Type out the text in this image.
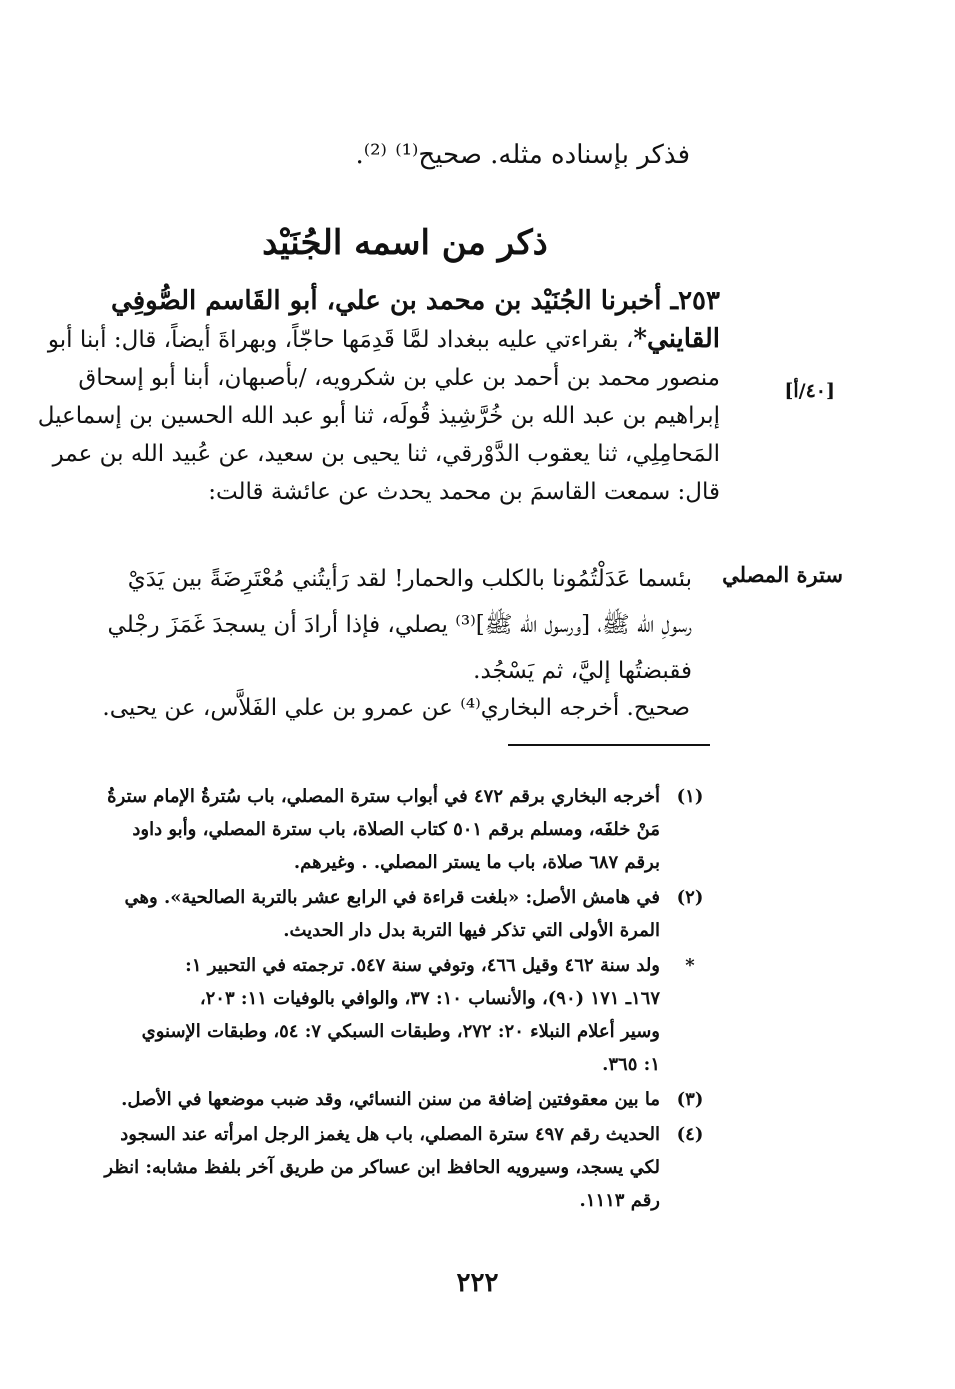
فذكر بإسناده مثله. صحيح⁽¹⁾ ⁽²⁾.
ذكر من اسمه الجُنَيْد
٢٥٣ـ أخبرنا الجُنَيْد بن محمد بن علي، أبو القَاسم الصُّوفِي
القايني*، بقراءتي عليه ببغداد لمَّا قَدِمَها حاجّاً، وبهراةَ أيضاً، قال: أبنا أبو
منصور محمد بن أحمد بن علي بن شكرويه، /بأصبهان، أبنا أبو إسحاق
إبراهيم بن عبد الله بن خُرَّشِيذ قُولَه، ثنا أبو عبد الله الحسين بن إسماعيل
المَحامِلِي، ثنا يعقوب الدَّوْرقي، ثنا يحيى بن سعيد، عن عُبيد الله بن عمر
قال: سمعت القاسمَ بن محمد يحدث عن عائشة قالت:
بئسما عَدَلْتُمُونا بالكلب والحمار! لقد رَأيتُني مُعْتَرِضَةً بين يَدَيْ
رسولِ الله ﷺ، [ورسول الله ﷺ]⁽³⁾ يصلي، فإذا أرادَ أن يسجدَ غَمَزَ رجْلي
فقبضتُها إليَّ، ثم يَسْجُد.
صحيح. أخرجه البخاري⁽⁴⁾ عن عمرو بن علي الفَلاَّس، عن يحيى.
[٤٠/أ]
سترة المصلي
(١)
أخرجه البخاري برقم ٤٧٢ في أبواب سترة المصلي، باب سُترةُ الإمام سترةُ
مَنْ خلفَه، ومسلم برقم ٥٠١ كتاب الصلاة، باب سترة المصلي، وأبو داود
برقم ٦٨٧ صلاة، باب ما يستر المصلي. . وغيرهم.
(٢)
في هامش الأصل: «بلغت قراءة في الرابع عشر بالتربة الصالحية». وهي
المرة الأولى التي تذكر فيها التربة بدل دار الحديث.
*
ولد سنة ٤٦٢ وقيل ٤٦٦، وتوفي سنة ٥٤٧. ترجمته في التحبير ١:
١٦٧ـ ١٧١ (٩٠)، والأنساب ١٠: ٣٧، والوافي بالوفيات ١١: ٢٠٣،
وسير أعلام النبلاء ٢٠: ٢٧٢، وطبقات السبكي ٧: ٥٤، وطبقات الإسنوي
١: ٣٦٥.
(٣)
ما بين معقوفتين إضافة من سنن النسائي، وقد ضبب موضعها في الأصل.
(٤)
الحديث رقم ٤٩٧ سترة المصلي، باب هل يغمز الرجل امرأته عند السجود
لكي يسجد، وسيرويه الحافظ ابن عساكر من طريق آخر بلفظ مشابه: انظر
رقم ١١١٣.
٢٢٢
